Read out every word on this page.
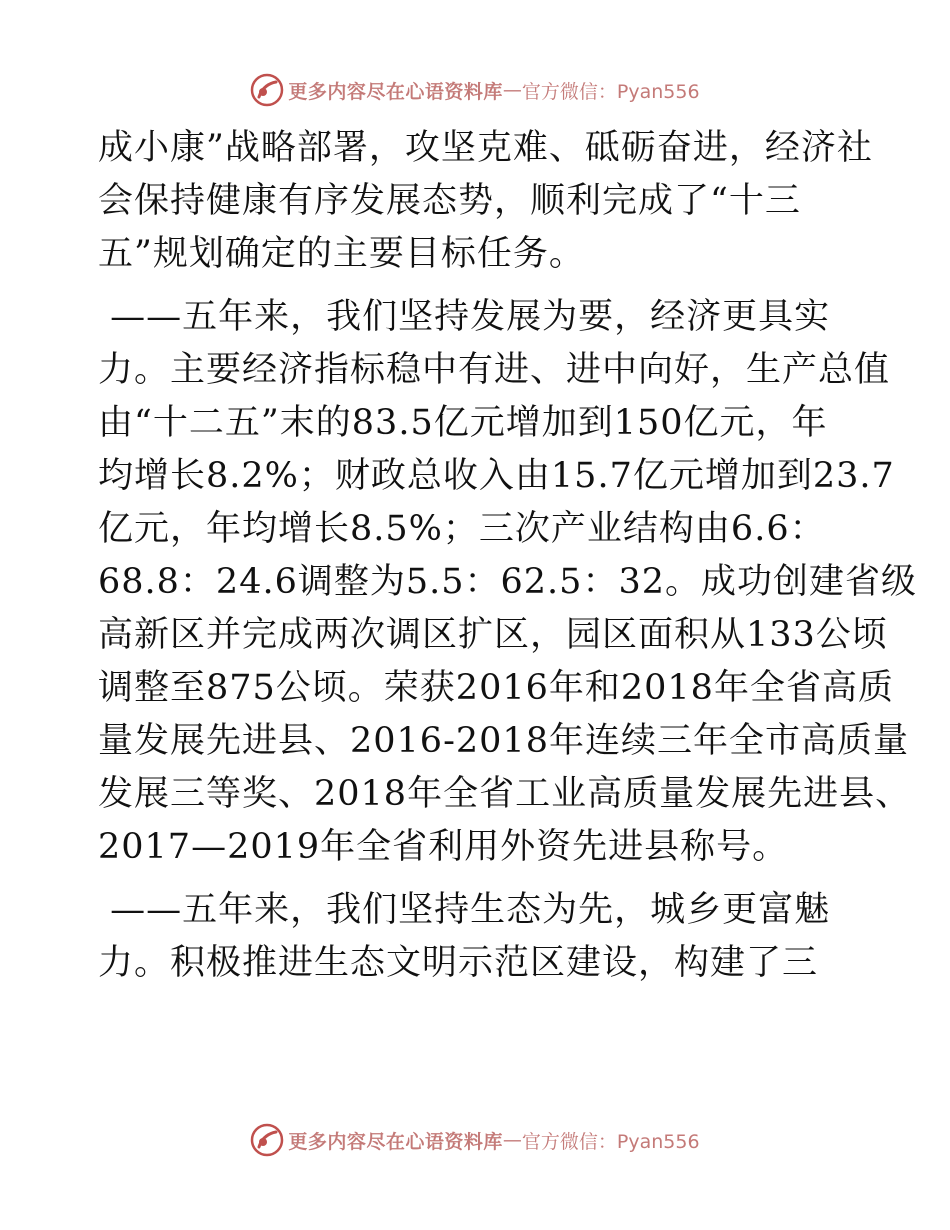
更多内容尽在心语资料库 — 官方微信：Pyan556
成小康”战略部署，攻坚克难、砥砺奋进，经济社
会保持健康有序发展态势，顺利完成了“十三
五”规划确定的主要目标任务。
——五年来，我们坚持发展为要，经济更具实
力。主要经济指标稳中有进、进中向好，生产总值
由“十二五”末的83.5亿元增加到150亿元，年
均增长8.2%；财政总收入由15.7亿元增加到23.7
亿元，年均增长8.5%；三次产业结构由6.6：
68.8：24.6调整为5.5：62.5：32。成功创建省级
高新区并完成两次调区扩区，园区面积从133公顷
调整至875公顷。荣获2016年和2018年全省高质
量发展先进县、2016-2018年连续三年全市高质量
发展三等奖、2018年全省工业高质量发展先进县、
2017—2019年全省利用外资先进县称号。
——五年来，我们坚持生态为先，城乡更富魅
力。积极推进生态文明示范区建设，构建了三
更多内容尽在心语资料库 — 官方微信：Pyan556
